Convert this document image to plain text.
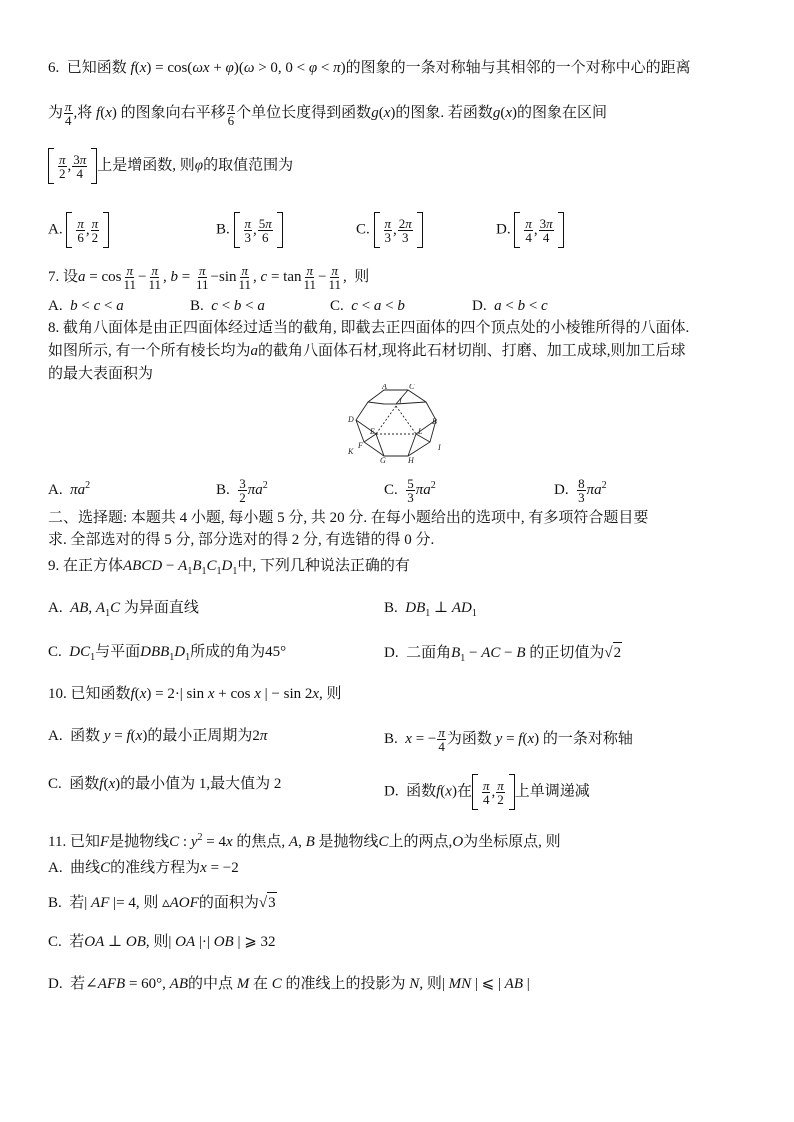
6. 已知函数 f(x) = cos(ωx + φ)(ω > 0, 0 < φ < π)的图象的一条对称轴与其相邻的一个对称中心的距离
为 $\frac{\pi}{4}$ ,将 f(x) 的图象向右平移 $\frac{\pi}{6}$ 个单位长度得到函数g(x)的图象. 若函数g(x)的图象在区间
$\frac{\pi}{2}$ , $\frac{3\pi}{4}$ 上是增函数, 则φ的取值范围为
A. $\frac{\pi}{6}$ , $\frac{\pi}{2}$	B. $\frac{\pi}{3}$ , $\frac{5\pi}{6}$	C. $\frac{\pi}{3}$ , $\frac{2\pi}{3}$	D. $\frac{\pi}{4}$ , $\frac{3\pi}{4}$
7. 设$a = \cos \frac{\pi}{11} - \frac{\pi}{11}$ , $b = \frac{\pi}{11} -\sin \frac{\pi}{11}$ , $c = \tan \frac{\pi}{11} - \frac{\pi}{11}$ ,  则
A. b < c < a	B. c < b < a	C. c < a < b	D. a < b < c
8. 截角八面体是由正四面体经过适当的截角, 即截去正四面体的四个顶点处的小棱锥所得的八面体.
如图所示, 有一个所有棱长均为a的截角八面体石材,现将此石材切削、打磨、加工成球,则加工后球
的最大表面积为
A	C
J
D
E	L
F
K
G	H
I
B
A. $\pi a^2$	B. $\frac{3}{2} \pi a^2$	C. $\frac{5}{3} \pi a^2$	D. $\frac{8}{3} \pi a^2$
二、选择题: 本题共 4 小题, 每小题 5 分, 共 20 分. 在每小题给出的选项中, 有多项符合题目要
求. 全部选对的得 5 分, 部分选对的得 2 分, 有选错的得 0 分.
9. 在正方体ABCD − $A_1B_1C_1D_1$中, 下列几种说法正确的有
A. AB, $A_1C$ 为异面直线	B. $DB_1$ ⊥ $AD_1$
C. $DC_1$与平面$DBB_1D_1$所成的角为45°	D. 二面角$B_1$ − AC − B 的正切值为√ 2
10. 已知函数f(x) = 2·| sin x + cos x | − sin 2x, 则
A. 函数 y = f(x)的最小正周期为2π	B. x = − $\frac{\pi}{4}$ 为函数 y = f(x) 的一条对称轴
C. 函数f(x)的最小值为 1,最大值为 2	D. 函数f(x)在 $\frac{\pi}{4}$ , $\frac{\pi}{2}$ 上单调递减
11. 已知F是抛物线C : $y^2 = 4x$ 的焦点, A, B 是抛物线C上的两点,O为坐标原点, 则
A. 曲线C的准线方程为x = −2
B. 若| AF |= 4, 则 ▵AOF的面积为√ 3
C. 若OA ⊥ OB, 则| OA |·| OB | ⩾ 32
D. 若∠AFB = 60°, AB的中点 M 在 C 的准线上的投影为 N, 则| MN | ⩽ | AB |
